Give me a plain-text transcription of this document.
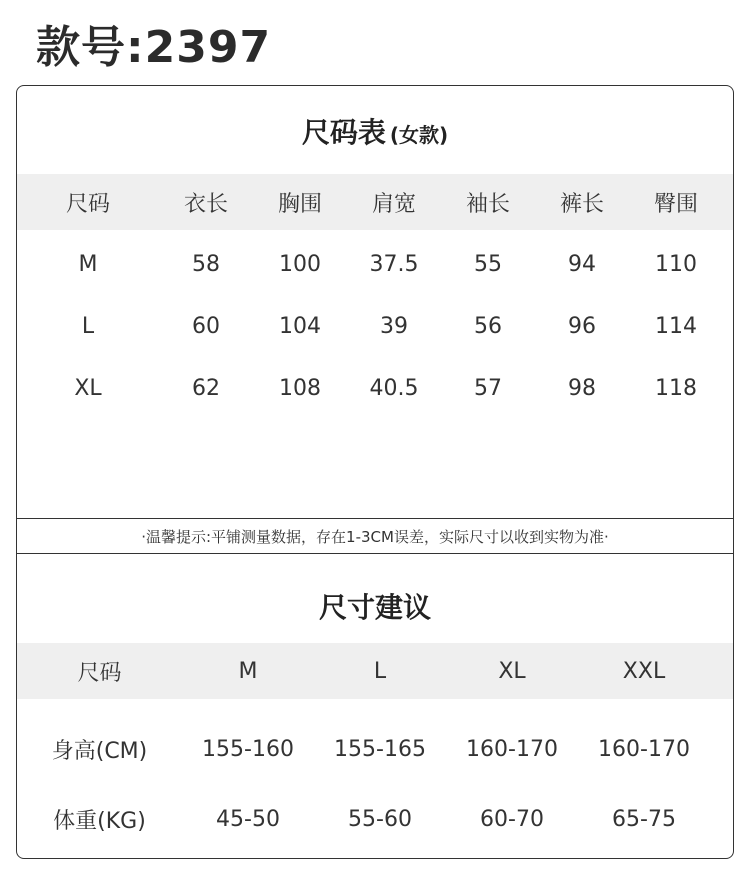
款号:2397
尺码表 (女款)
尺码	衣长	胸围	肩宽	袖长	裤长	臀围
M	58	100	37.5	55	94	110
L	60	104	39	56	96	114
XL	62	108	40.5	57	98	118
·温馨提示:平铺测量数据，存在1-3CM误差，实际尺寸以收到实物为准·
尺寸建议
尺码	M	L	XL	XXL
身高(CM)	155-160	155-165	160-170	160-170
体重(KG)	45-50	55-60	60-70	65-75
